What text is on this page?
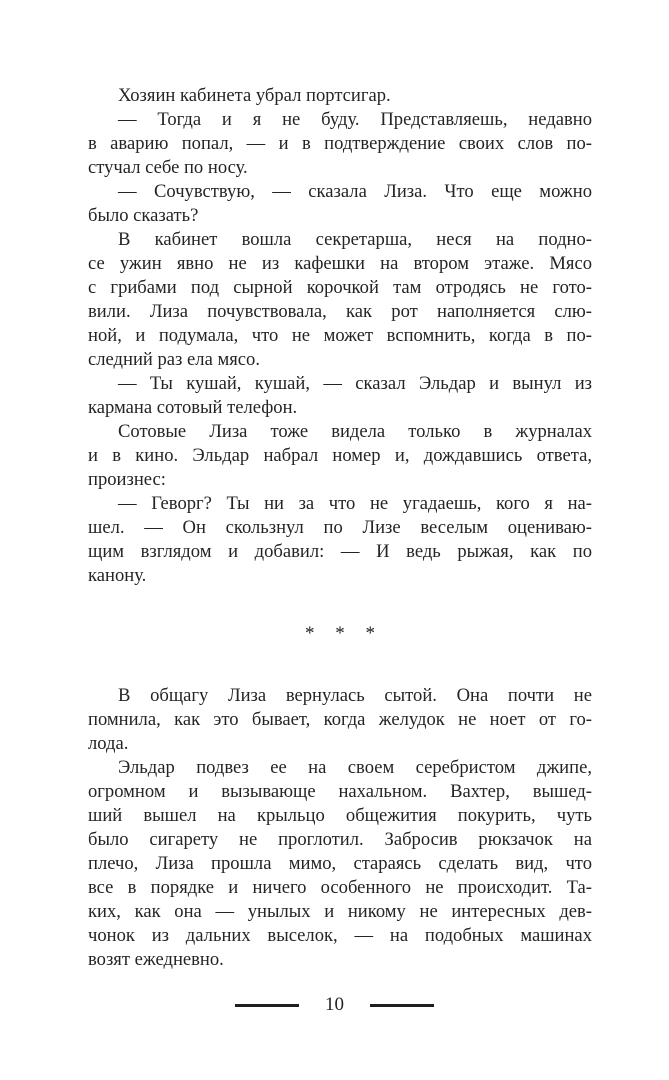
Хозяин кабинета убрал портсигар.
— Тогда и я не буду. Представляешь, недавно
в аварию попал, — и в подтверждение своих слов по-
стучал себе по носу.
— Сочувствую, — сказала Лиза. Что еще можно
было сказать?
В кабинет вошла секретарша, неся на подно-
се ужин явно не из кафешки на втором этаже. Мясо
с грибами под сырной корочкой там отродясь не гото-
вили. Лиза почувствовала, как рот наполняется слю-
ной, и подумала, что не может вспомнить, когда в по-
следний раз ела мясо.
— Ты кушай, кушай, — сказал Эльдар и вынул из
кармана сотовый телефон.
Сотовые Лиза тоже видела только в журналах
и в кино. Эльдар набрал номер и, дождавшись ответа,
произнес:
— Геворг? Ты ни за что не угадаешь, кого я на-
шел. — Он скользнул по Лизе веселым оцениваю-
щим взглядом и добавил: — И ведь рыжая, как по
канону.
* * *
В общагу Лиза вернулась сытой. Она почти не
помнила, как это бывает, когда желудок не ноет от го-
лода.
Эльдар подвез ее на своем серебристом джипе,
огромном и вызывающе нахальном. Вахтер, вышед-
ший вышел на крыльцо общежития покурить, чуть
было сигарету не проглотил. Забросив рюкзачок на
плечо, Лиза прошла мимо, стараясь сделать вид, что
все в порядке и ничего особенного не происходит. Та-
ких, как она — унылых и никому не интересных дев-
чонок из дальних выселок, — на подобных машинах
возят ежедневно.
10
